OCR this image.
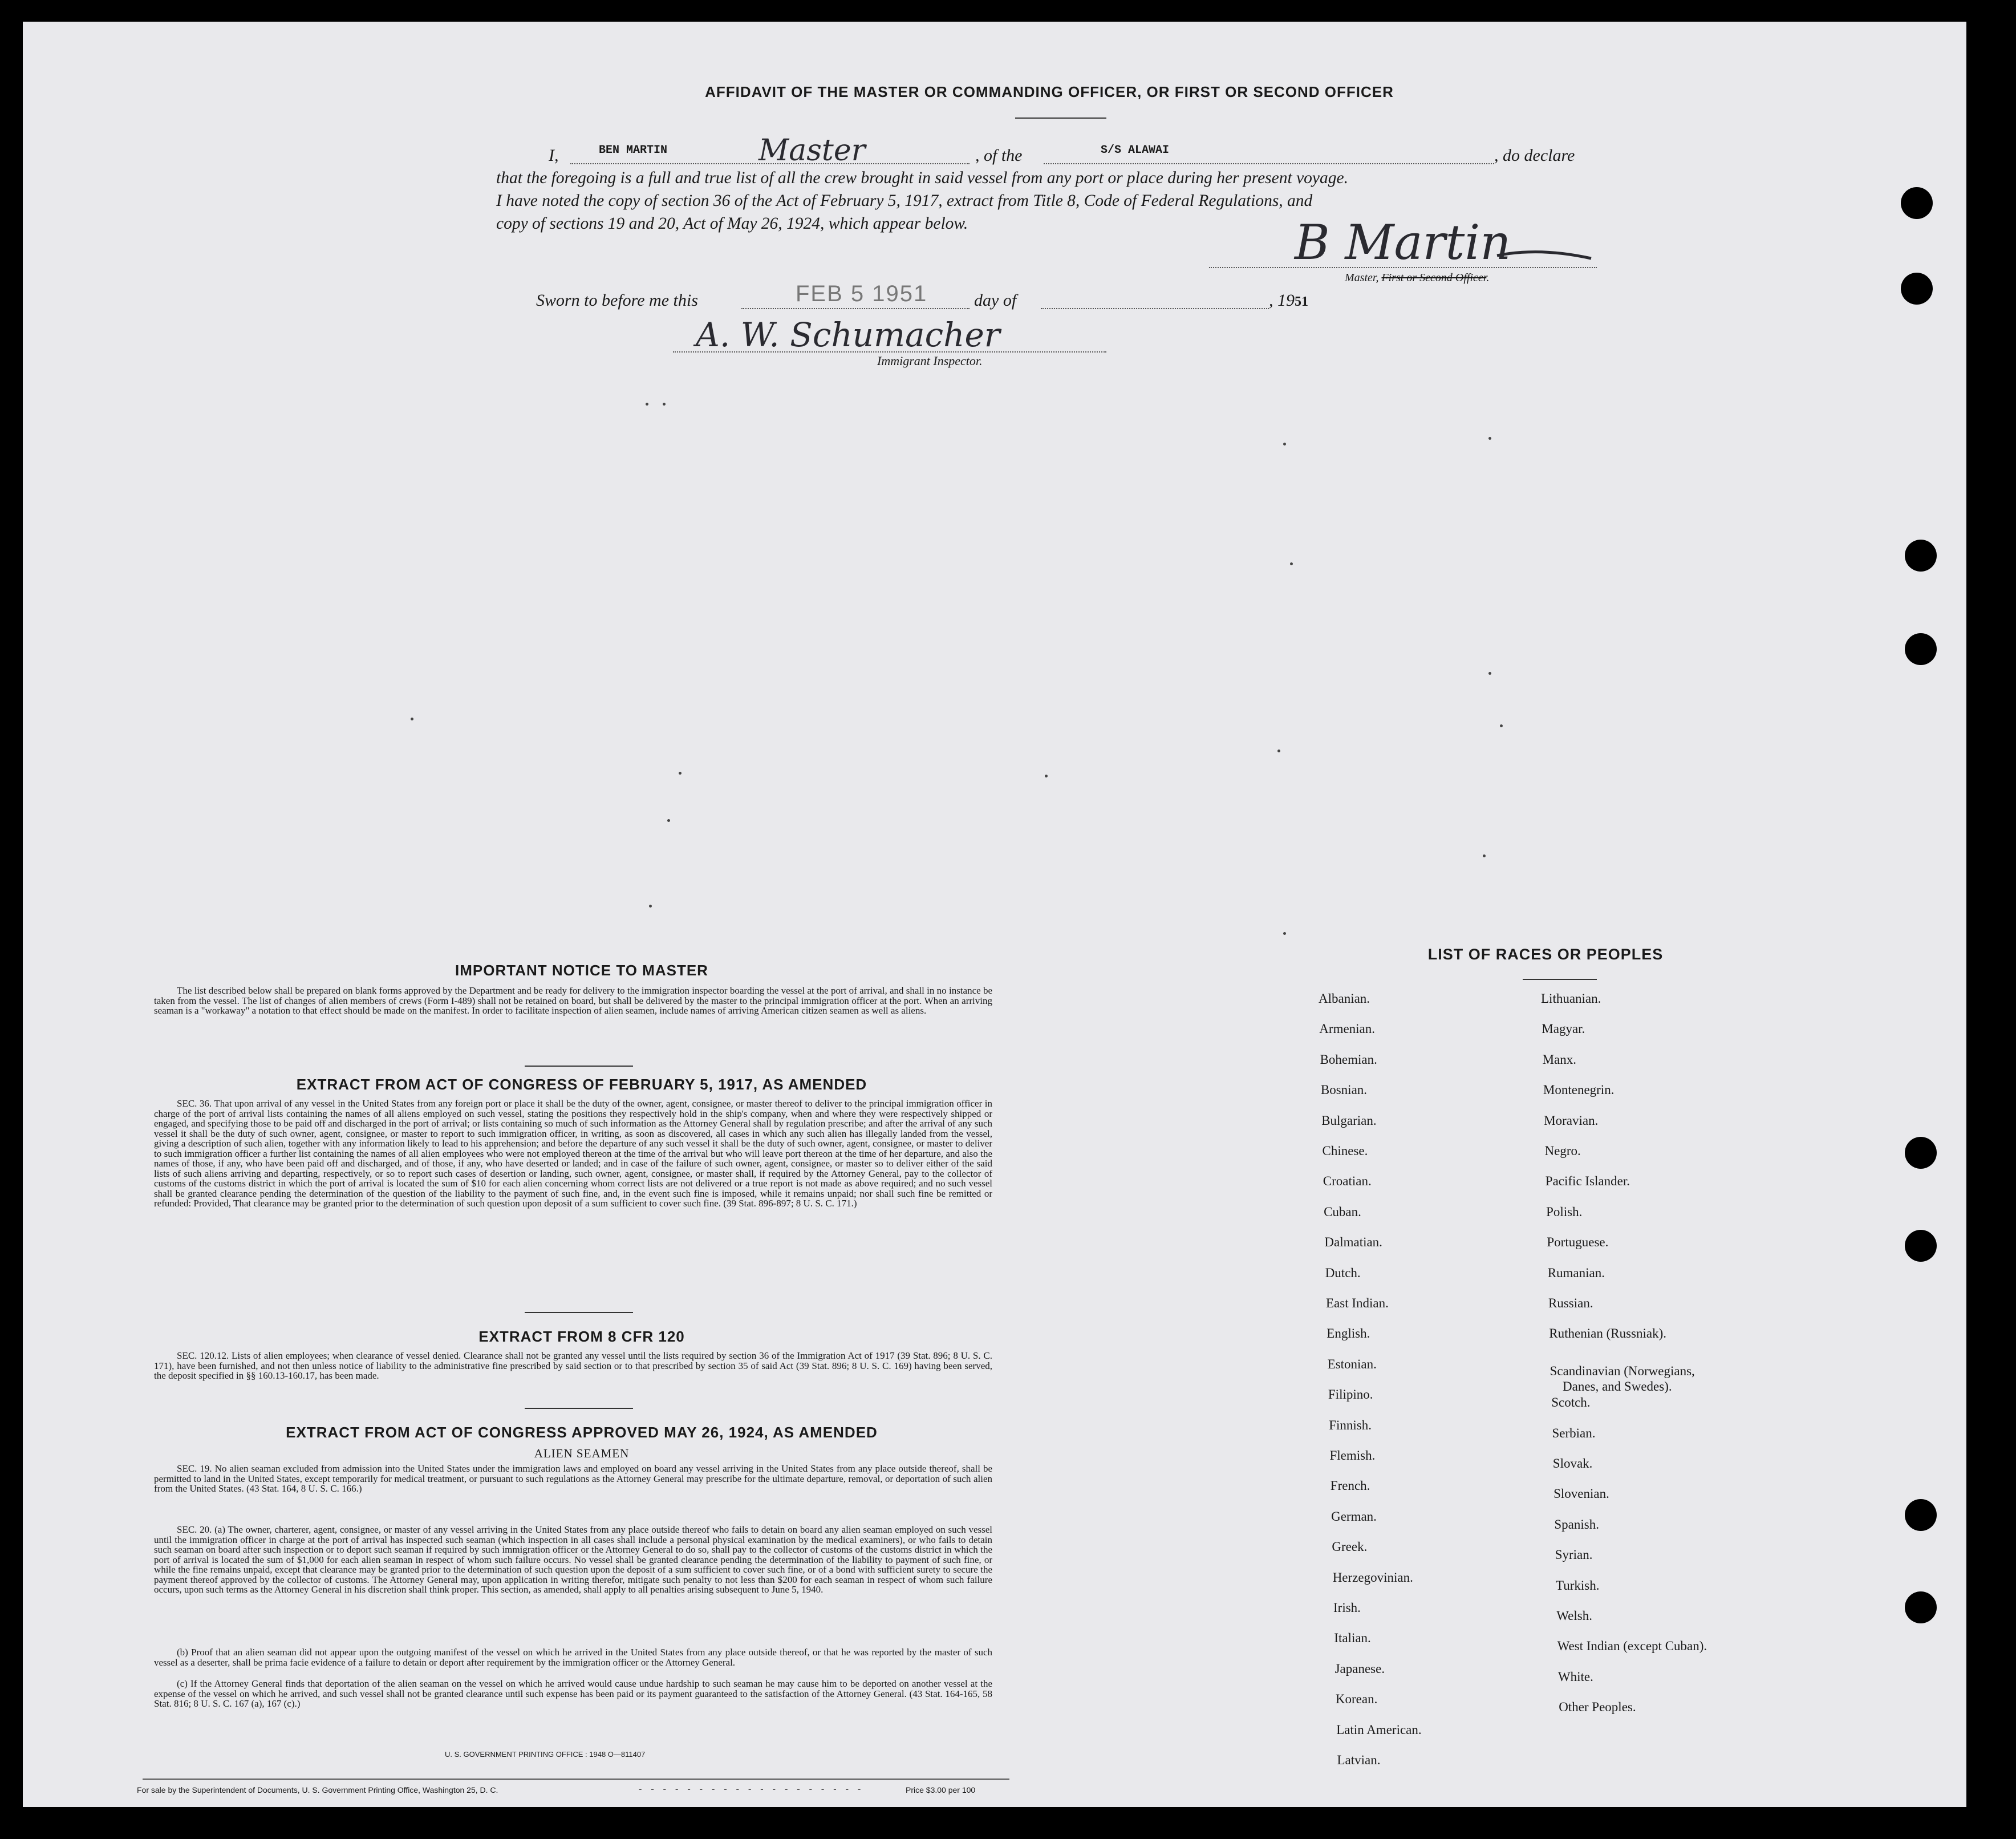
AFFIDAVIT OF THE MASTER OR COMMANDING OFFICER, OR FIRST OR SECOND OFFICER
I,	BEN MARTIN	Master	, of the	S/S ALAWAI	, do declare
that the foregoing is a full and true list of all the crew brought in said vessel from any port or place during her present voyage.
I have noted the copy of section 36 of the Act of February 5, 1917, extract from Title 8, Code of Federal Regulations, and
copy of sections 19 and 20, Act of May 26, 1924, which appear below.	B Martin
Master, First or Second Officer.
Sworn to before me this	FEB 5 1951	day of	, 1951
A. W. Schumacher
Immigrant Inspector.
IMPORTANT NOTICE TO MASTER
The list described below shall be prepared on blank forms approved by the Department and be ready for delivery to the immigration inspector boarding the vessel at the port of arrival, and shall in no instance be taken from the vessel. The list of changes of alien members of crews (Form I-489) shall not be retained on board, but shall be delivered by the master to the principal immigration officer at the port. When an arriving seaman is a "workaway" a notation to that effect should be made on the manifest. In order to facilitate inspection of alien seamen, include names of arriving American citizen seamen as well as aliens.
EXTRACT FROM ACT OF CONGRESS OF FEBRUARY 5, 1917, AS AMENDED
SEC. 36. That upon arrival of any vessel in the United States from any foreign port or place it shall be the duty of the owner, agent, consignee, or master thereof to deliver to the principal immigration officer in charge of the port of arrival lists containing the names of all aliens employed on such vessel, stating the positions they respectively hold in the ship's company, when and where they were respectively shipped or engaged, and specifying those to be paid off and discharged in the port of arrival; or lists containing so much of such information as the Attorney General shall by regulation prescribe; and after the arrival of any such vessel it shall be the duty of such owner, agent, consignee, or master to report to such immigration officer, in writing, as soon as discovered, all cases in which any such alien has illegally landed from the vessel, giving a description of such alien, together with any information likely to lead to his apprehension; and before the departure of any such vessel it shall be the duty of such owner, agent, consignee, or master to deliver to such immigration officer a further list containing the names of all alien employees who were not employed thereon at the time of the arrival but who will leave port thereon at the time of her departure, and also the names of those, if any, who have been paid off and discharged, and of those, if any, who have deserted or landed; and in case of the failure of such owner, agent, consignee, or master so to deliver either of the said lists of such aliens arriving and departing, respectively, or so to report such cases of desertion or landing, such owner, agent, consignee, or master shall, if required by the Attorney General, pay to the collector of customs of the customs district in which the port of arrival is located the sum of $10 for each alien concerning whom correct lists are not delivered or a true report is not made as above required; and no such vessel shall be granted clearance pending the determination of the question of the liability to the payment of such fine, and, in the event such fine is imposed, while it remains unpaid; nor shall such fine be remitted or refunded: Provided, That clearance may be granted prior to the determination of such question upon deposit of a sum sufficient to cover such fine. (39 Stat. 896-897; 8 U. S. C. 171.)
EXTRACT FROM 8 CFR 120
SEC. 120.12. Lists of alien employees; when clearance of vessel denied. Clearance shall not be granted any vessel until the lists required by section 36 of the Immigration Act of 1917 (39 Stat. 896; 8 U. S. C. 171), have been furnished, and not then unless notice of liability to the administrative fine prescribed by said section or to that prescribed by section 35 of said Act (39 Stat. 896; 8 U. S. C. 169) having been served, the deposit specified in §§ 160.13-160.17, has been made.
EXTRACT FROM ACT OF CONGRESS APPROVED MAY 26, 1924, AS AMENDED
ALIEN SEAMEN
SEC. 19. No alien seaman excluded from admission into the United States under the immigration laws and employed on board any vessel arriving in the United States from any place outside thereof, shall be permitted to land in the United States, except temporarily for medical treatment, or pursuant to such regulations as the Attorney General may prescribe for the ultimate departure, removal, or deportation of such alien from the United States. (43 Stat. 164, 8 U. S. C. 166.)
SEC. 20. (a) The owner, charterer, agent, consignee, or master of any vessel arriving in the United States from any place outside thereof who fails to detain on board any alien seaman employed on such vessel until the immigration officer in charge at the port of arrival has inspected such seaman (which inspection in all cases shall include a personal physical examination by the medical examiners), or who fails to detain such seaman on board after such inspection or to deport such seaman if required by such immigration officer or the Attorney General to do so, shall pay to the collector of customs of the customs district in which the port of arrival is located the sum of $1,000 for each alien seaman in respect of whom such failure occurs. No vessel shall be granted clearance pending the determination of the liability to payment of such fine, or while the fine remains unpaid, except that clearance may be granted prior to the determination of such question upon the deposit of a sum sufficient to cover such fine, or of a bond with sufficient surety to secure the payment thereof approved by the collector of customs. The Attorney General may, upon application in writing therefor, mitigate such penalty to not less than $200 for each seaman in respect of whom such failure occurs, upon such terms as the Attorney General in his discretion shall think proper. This section, as amended, shall apply to all penalties arising subsequent to June 5, 1940.
(b) Proof that an alien seaman did not appear upon the outgoing manifest of the vessel on which he arrived in the United States from any place outside thereof, or that he was reported by the master of such vessel as a deserter, shall be prima facie evidence of a failure to detain or deport after requirement by the immigration officer or the Attorney General.
(c) If the Attorney General finds that deportation of the alien seaman on the vessel on which he arrived would cause undue hardship to such seaman he may cause him to be deported on another vessel at the expense of the vessel on which he arrived, and such vessel shall not be granted clearance until such expense has been paid or its payment guaranteed to the satisfaction of the Attorney General. (43 Stat. 164-165, 58 Stat. 816; 8 U. S. C. 167 (a), 167 (c).)
U. S. GOVERNMENT PRINTING OFFICE : 1948 O—811407
For sale by the Superintendent of Documents, U. S. Government Printing Office, Washington 25, D. C.	- - - - - - - - - - - - - - - - - - -	Price $3.00 per 100
LIST OF RACES OR PEOPLES
Albanian.
Armenian.
Bohemian.
Bosnian.
Bulgarian.
Chinese.
Croatian.
Cuban.
Dalmatian.
Dutch.
East Indian.
English.
Estonian.
Filipino.
Finnish.
Flemish.
French.
German.
Greek.
Herzegovinian.
Irish.
Italian.
Japanese.
Korean.
Latin American.
Latvian.
Lithuanian.
Magyar.
Manx.
Montenegrin.
Moravian.
Negro.
Pacific Islander.
Polish.
Portuguese.
Rumanian.
Russian.
Ruthenian (Russniak).
Scandinavian (Norwegians,
Danes, and Swedes).
Scotch.
Serbian.
Slovak.
Slovenian.
Spanish.
Syrian.
Turkish.
Welsh.
West Indian (except Cuban).
White.
Other Peoples.
